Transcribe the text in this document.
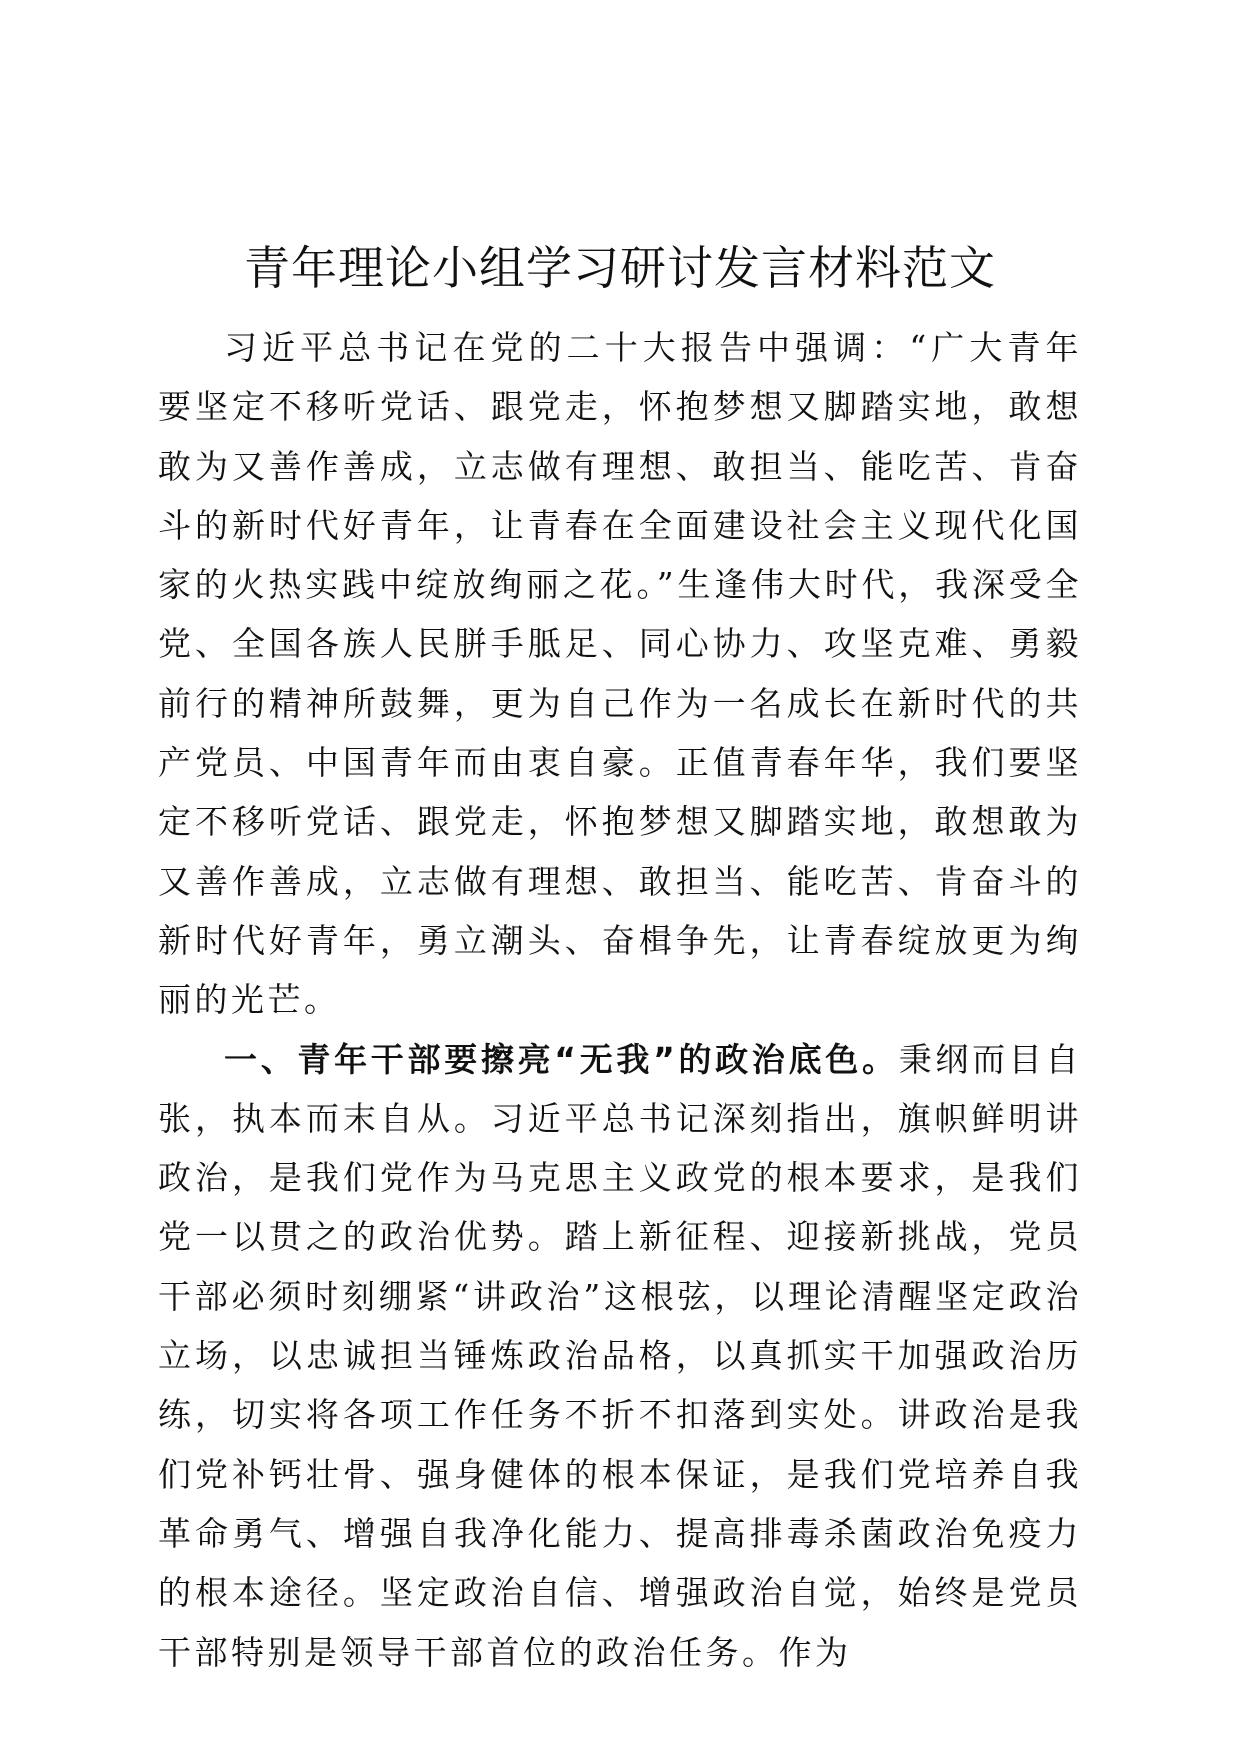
青年理论小组学习研讨发言材料范文

习近平总书记在党的二十大报告中强调：“广大青年要坚定不移听党话、跟党走，怀抱梦想又脚踏实地，敢想敢为又善作善成，立志做有理想、敢担当、能吃苦、肯奋斗的新时代好青年，让青春在全面建设社会主义现代化国家的火热实践中绽放绚丽之花。”生逢伟大时代，我深受全党、全国各族人民胼手胝足、同心协力、攻坚克难、勇毅前行的精神所鼓舞，更为自己作为一名成长在新时代的共产党员、中国青年而由衷自豪。正值青春年华，我们要坚定不移听党话、跟党走，怀抱梦想又脚踏实地，敢想敢为又善作善成，立志做有理想、敢担当、能吃苦、肯奋斗的新时代好青年，勇立潮头、奋楫争先，让青春绽放更为绚丽的光芒。

一、青年干部要擦亮“无我”的政治底色。秉纲而目自张，执本而末自从。习近平总书记深刻指出，旗帜鲜明讲政治，是我们党作为马克思主义政党的根本要求，是我们党一以贯之的政治优势。踏上新征程、迎接新挑战，党员干部必须时刻绷紧“讲政治”这根弦，以理论清醒坚定政治立场，以忠诚担当锤炼政治品格，以真抓实干加强政治历练，切实将各项工作任务不折不扣落到实处。讲政治是我们党补钙壮骨、强身健体的根本保证，是我们党培养自我革命勇气、增强自我净化能力、提高排毒杀菌政治免疫力的根本途径。坚定政治自信、增强政治自觉，始终是党员干部特别是领导干部首位的政治任务。作为
